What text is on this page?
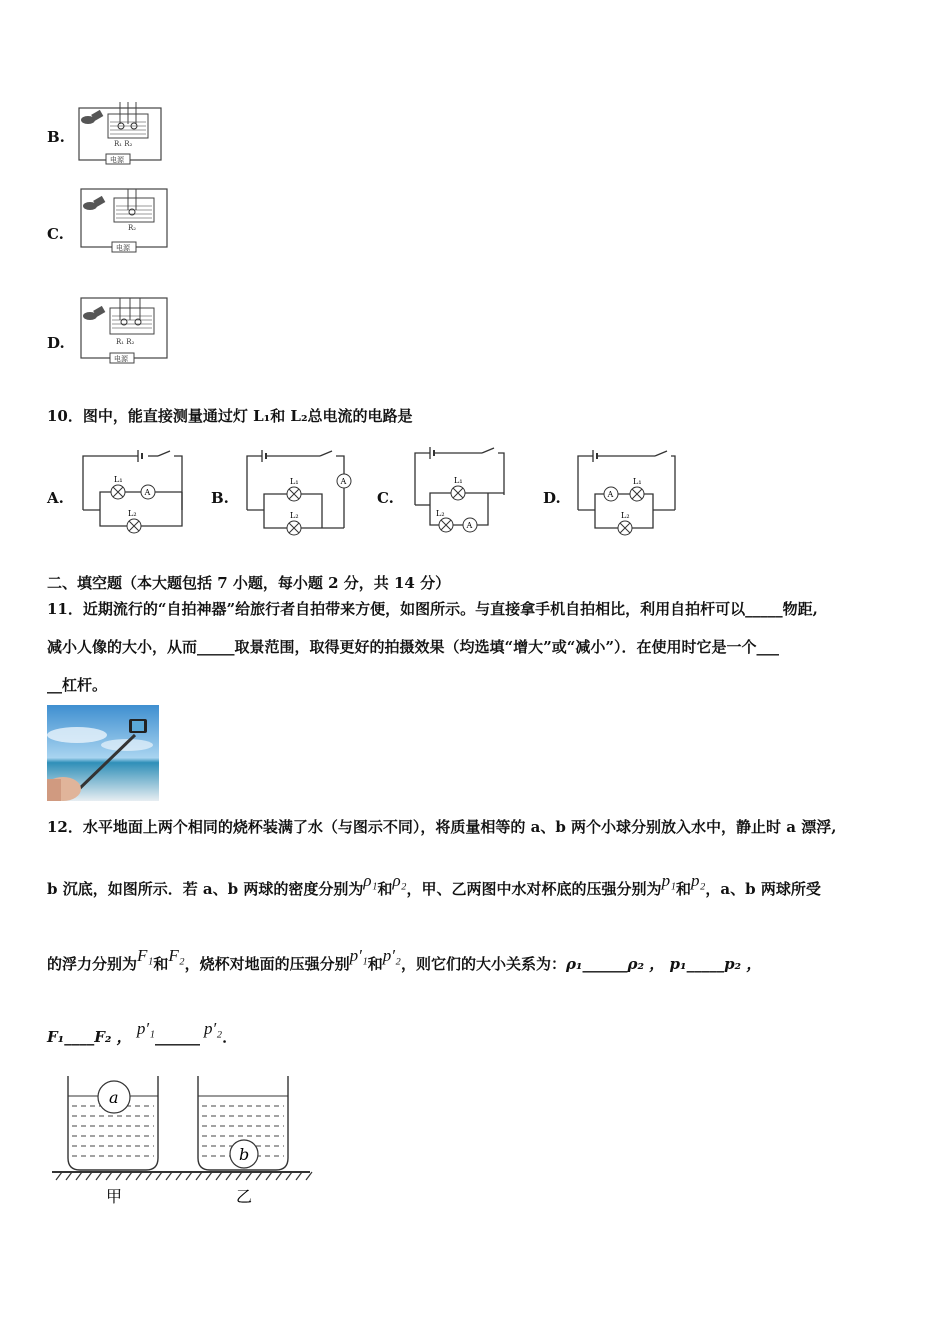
B.	R₁ R₂
电源
C.	R₂
电源
D.	R₁ R₂
电源
10．图中，能直接测量通过灯 L₁和 L₂总电流的电路是
A.
L₁
A
L₂
B.
A
L₁
L₂
C.
L₁
L₂
A
D.	A
L₁
L₂
二、填空题（本大题包括 7 小题，每小题 2 分，共 14 分）
11．近期流行的“自拍神器”给旅行者自拍带来方便，如图所示。与直接拿手机自拍相比，利用自拍杆可以_____物距,
减小人像的大小，从而_____取景范围，取得更好的拍摄效果（均选填“增大”或“减小”）．在使用时它是一个___
__杠杆。
12．水平地面上两个相同的烧杯装满了水（与图示不同），将质量相等的 a、b 两个小球分别放入水中，静止时 a 漂浮,
b 沉底，如图所示．若 a、b 两球的密度分别为ρ₁和ρ₂，甲、乙两图中水对杯底的压强分别为p₁和p₂，a、b 两球所受
的浮力分别为F₁和F₂，烧杯对地面的压强分别p′₁和p′₂，则它们的大小关系为：ρ₁______ρ₂ ， p₁_____p₂ ，
F₁____F₂ ， p′₁______ p′₂．
a
b
甲	乙
